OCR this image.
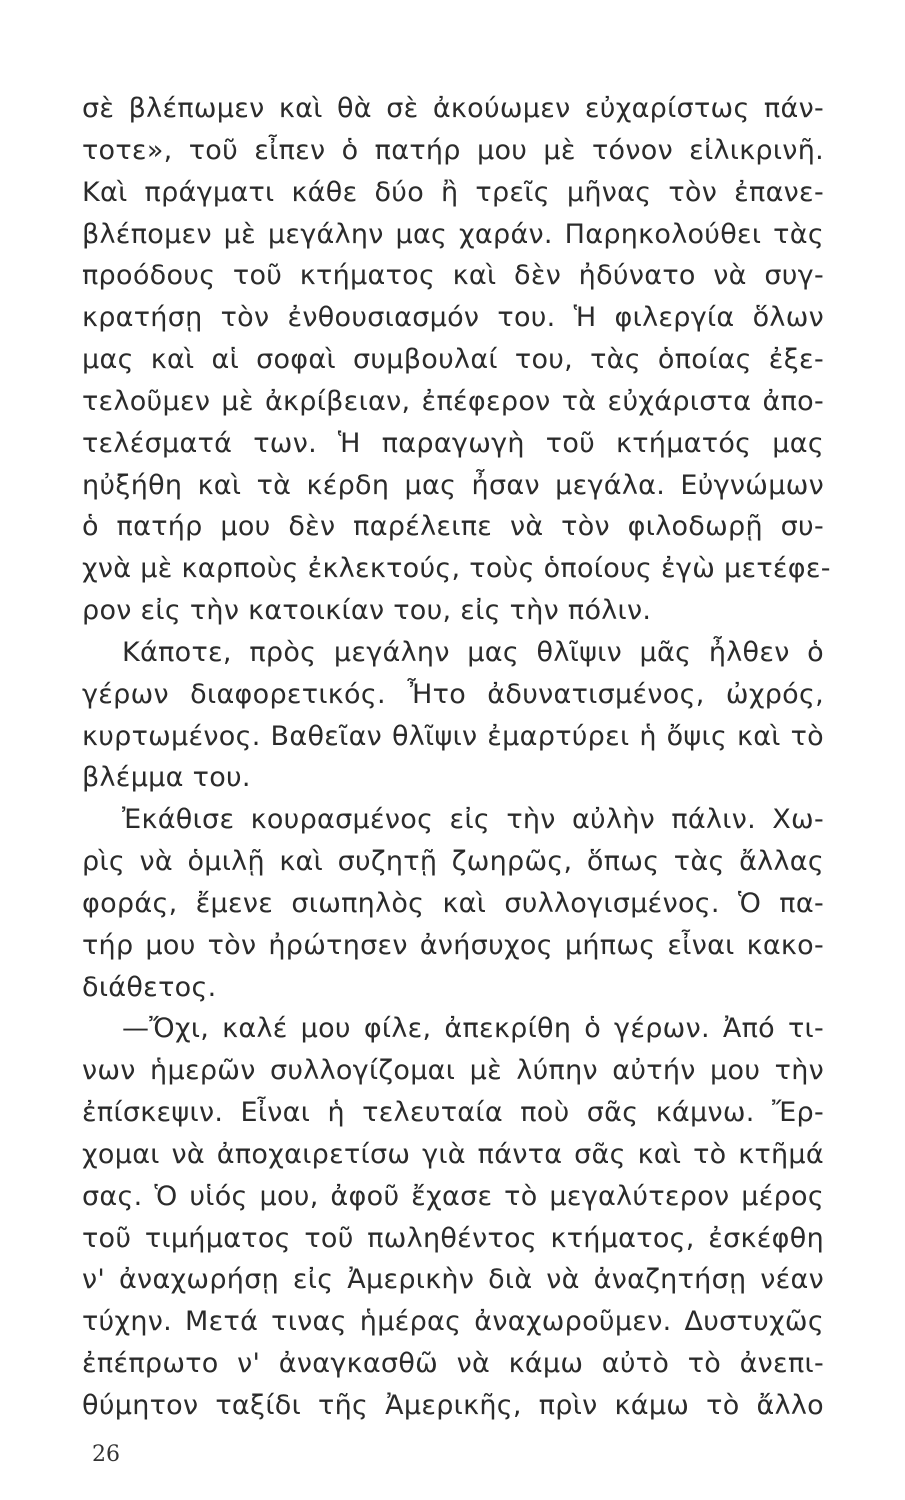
σὲ βλέπωμεν καὶ θὰ σὲ ἀκούωμεν εὐχαρίστως πάν-
τοτε», τοῦ εἶπεν ὁ πατήρ μου μὲ τόνον εἰλικρινῆ.
Καὶ πράγματι κάθε δύο ἢ τρεῖς μῆνας τὸν ἐπανε-
βλέπομεν μὲ μεγάλην μας χαράν. Παρηκολούθει τὰς
προόδους τοῦ κτήματος καὶ δὲν ἠδύνατο νὰ συγ-
κρατήσῃ τὸν ἐνθουσιασμόν του. Ἡ φιλεργία ὅλων
μας καὶ αἱ σοφαὶ συμβουλαί του, τὰς ὁποίας ἐξε-
τελοῦμεν μὲ ἀκρίβειαν, ἐπέφερον τὰ εὐχάριστα ἀπο-
τελέσματά των. Ἡ παραγωγὴ τοῦ κτήματός μας
ηὐξήθη καὶ τὰ κέρδη μας ἦσαν μεγάλα. Εὐγνώμων
ὁ πατήρ μου δὲν παρέλειπε νὰ τὸν φιλοδωρῇ συ-
χνὰ μὲ καρποὺς ἐκλεκτούς, τοὺς ὁποίους ἐγὼ μετέφε-
ρον εἰς τὴν κατοικίαν του, εἰς τὴν πόλιν.
Κάποτε, πρὸς μεγάλην μας θλῖψιν μᾶς ἦλθεν ὁ
γέρων διαφορετικός. Ἦτο ἀδυνατισμένος, ὠχρός,
κυρτωμένος. Βαθεῖαν θλῖψιν ἐμαρτύρει ἡ ὄψις καὶ τὸ
βλέμμα του.
Ἐκάθισε κουρασμένος εἰς τὴν αὐλὴν πάλιν. Χω-
ρὶς νὰ ὁμιλῇ καὶ συζητῇ ζωηρῶς, ὅπως τὰς ἄλλας
φοράς, ἔμενε σιωπηλὸς καὶ συλλογισμένος. Ὁ πα-
τήρ μου τὸν ἠρώτησεν ἀνήσυχος μήπως εἶναι κακο-
διάθετος.
—Ὄχι, καλέ μου φίλε, ἀπεκρίθη ὁ γέρων. Ἀπό τι-
νων ἡμερῶν συλλογίζομαι μὲ λύπην αὐτήν μου τὴν
ἐπίσκεψιν. Εἶναι ἡ τελευταία ποὺ σᾶς κάμνω. Ἔρ-
χομαι νὰ ἀποχαιρετίσω γιὰ πάντα σᾶς καὶ τὸ κτῆμά
σας. Ὁ υἱός μου, ἀφοῦ ἔχασε τὸ μεγαλύτερον μέρος
τοῦ τιμήματος τοῦ πωληθέντος κτήματος, ἐσκέφθη
ν' ἀναχωρήσῃ εἰς Ἀμερικὴν διὰ νὰ ἀναζητήσῃ νέαν
τύχην. Μετά τινας ἡμέρας ἀναχωροῦμεν. Δυστυχῶς
ἐπέπρωτο ν' ἀναγκασθῶ νὰ κάμω αὐτὸ τὸ ἀνεπι-
θύμητον ταξίδι τῆς Ἀμερικῆς, πρὶν κάμω τὸ ἄλλο
26
